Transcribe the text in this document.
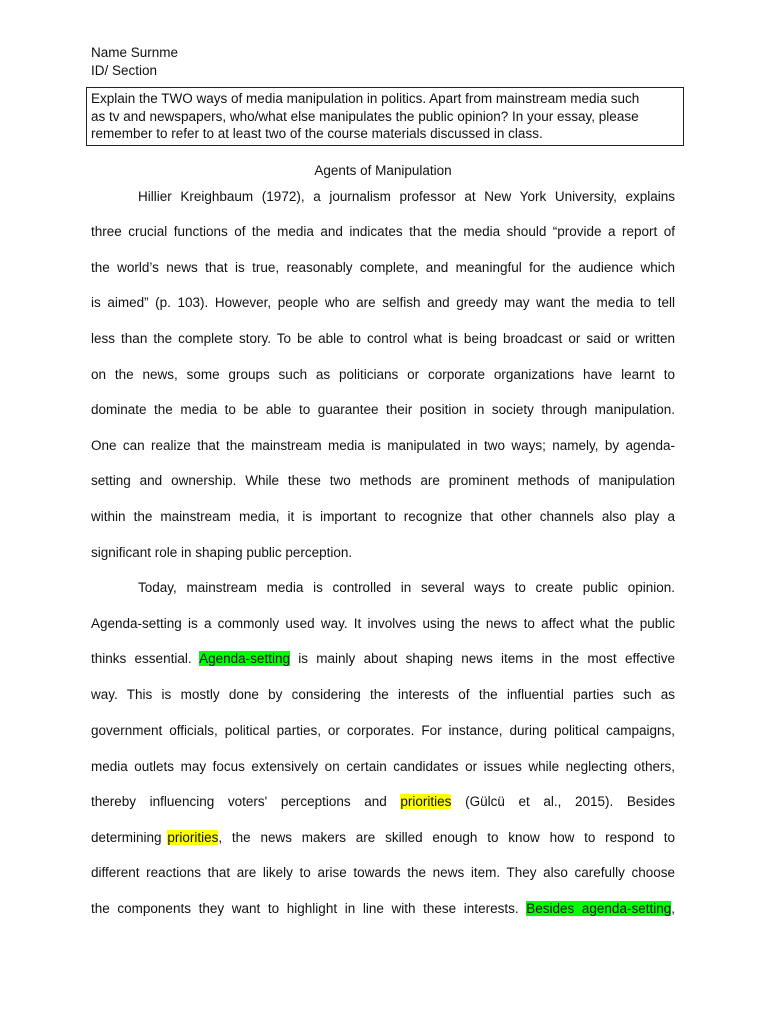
Name Surnme
ID/ Section
Explain the TWO ways of media manipulation in politics. Apart from mainstream media such
as tv and newspapers, who/what else manipulates the public opinion? In your essay, please
remember to refer to at least two of the course materials discussed in class.
Agents of Manipulation
Hillier Kreighbaum (1972), a journalism professor at New York University, explains
three crucial functions of the media and indicates that the media should “provide a report of
the world’s news that is true, reasonably complete, and meaningful for the audience which
is aimed” (p. 103). However, people who are selfish and greedy may want the media to tell
less than the complete story. To be able to control what is being broadcast or said or written
on the news, some groups such as politicians or corporate organizations have learnt to
dominate the media to be able to guarantee their position in society through manipulation.
One can realize that the mainstream media is manipulated in two ways; namely, by agenda-
setting and ownership. While these two methods are prominent methods of manipulation
within the mainstream media, it is important to recognize that other channels also play a
significant role in shaping public perception.
Today, mainstream media is controlled in several ways to create public opinion.
Agenda-setting is a commonly used way. It involves using the news to affect what the public
thinks essential. Agenda-setting is mainly about shaping news items in the most effective
way. This is mostly done by considering the interests of the influential parties such as
government officials, political parties, or corporates. For instance, during political campaigns,
media outlets may focus extensively on certain candidates or issues while neglecting others,
thereby influencing voters' perceptions and priorities (Gülcü et al., 2015). Besides
determining priorities, the news makers are skilled enough to know how to respond to
different reactions that are likely to arise towards the news item. They also carefully choose
the components they want to highlight in line with these interests. Besides agenda-setting,
